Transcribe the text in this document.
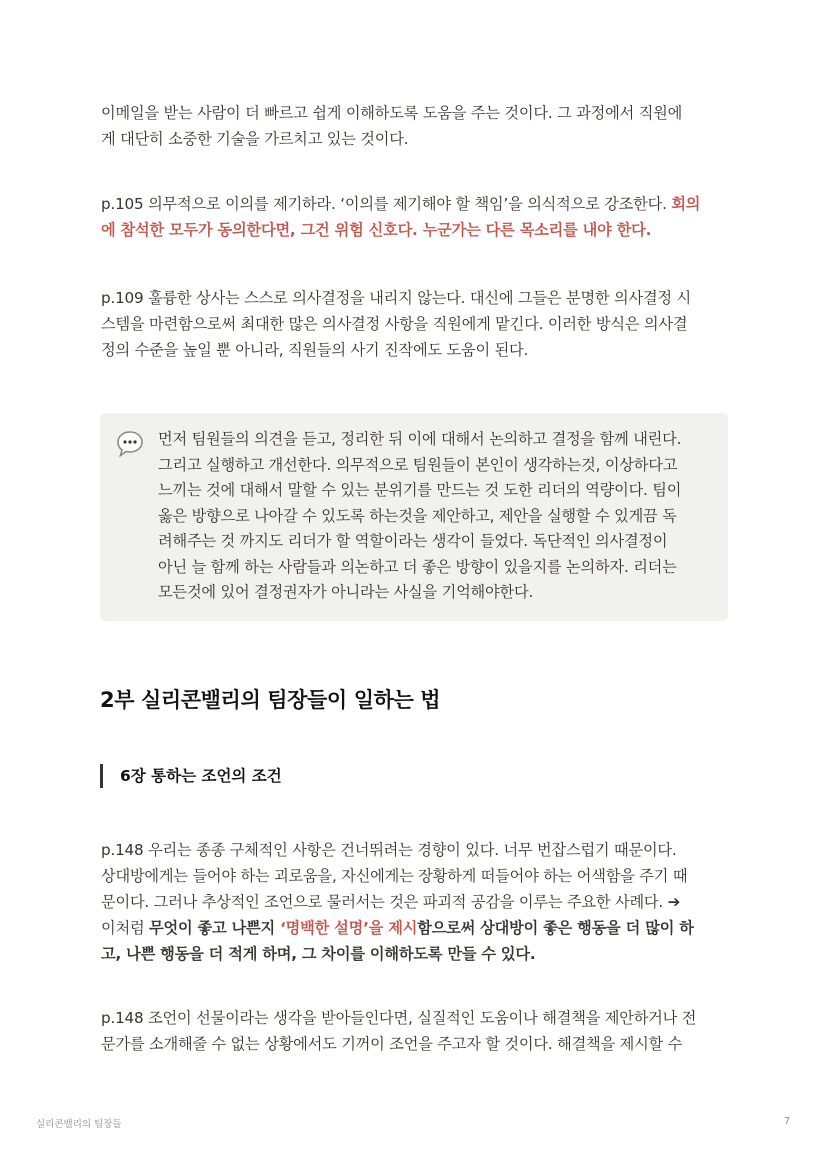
이메일을 받는 사람이 더 빠르고 쉽게 이해하도록 도움을 주는 것이다. 그 과정에서 직원에
게 대단히 소중한 기술을 가르치고 있는 것이다.

p.105 의무적으로 이의를 제기하라. ‘이의를 제기해야 할 책임’을 의식적으로 강조한다. 회의
에 참석한 모두가 동의한다면, 그건 위험 신호다. 누군가는 다른 목소리를 내야 한다.

p.109 훌륭한 상사는 스스로 의사결정을 내리지 않는다. 대신에 그들은 분명한 의사결정 시
스템을 마련함으로써 최대한 많은 의사결정 사항을 직원에게 맡긴다. 이러한 방식은 의사결
정의 수준을 높일 뿐 아니라, 직원들의 사기 진작에도 도움이 된다.

먼저 팀원들의 의견을 듣고, 정리한 뒤 이에 대해서 논의하고 결정을 함께 내린다.
그리고 실행하고 개선한다. 의무적으로 팀원들이 본인이 생각하는것, 이상하다고
느끼는 것에 대해서 말할 수 있는 분위기를 만드는 것 도한 리더의 역량이다. 팀이
옳은 방향으로 나아갈 수 있도록 하는것을 제안하고, 제안을 실행할 수 있게끔 독
려해주는 것 까지도 리더가 할 역할이라는 생각이 들었다. 독단적인 의사결정이
아닌 늘 함께 하는 사람들과 의논하고 더 좋은 방향이 있을지를 논의하자. 리더는
모든것에 있어 결정권자가 아니라는 사실을 기억해야한다.

2부 실리콘밸리의 팀장들이 일하는 법
6장 통하는 조언의 조건

p.148 우리는 종종 구체적인 사항은 건너뛰려는 경향이 있다. 너무 번잡스럽기 때문이다.
상대방에게는 들어야 하는 괴로움을, 자신에게는 장황하게 떠들어야 하는 어색함을 주기 때
문이다. 그러나 추상적인 조언으로 물러서는 것은 파괴적 공감을 이루는 주요한 사례다. ➔
이처럼 무엇이 좋고 나쁜지 ‘명백한 설명’을 제시함으로써 상대방이 좋은 행동을 더 많이 하
고, 나쁜 행동을 더 적게 하며, 그 차이를 이해하도록 만들 수 있다.

p.148 조언이 선물이라는 생각을 받아들인다면, 실질적인 도움이나 해결책을 제안하거나 전
문가를 소개해줄 수 없는 상황에서도 기꺼이 조언을 주고자 할 것이다. 해결책을 제시할 수

실리콘밸리의 팀장들	7
